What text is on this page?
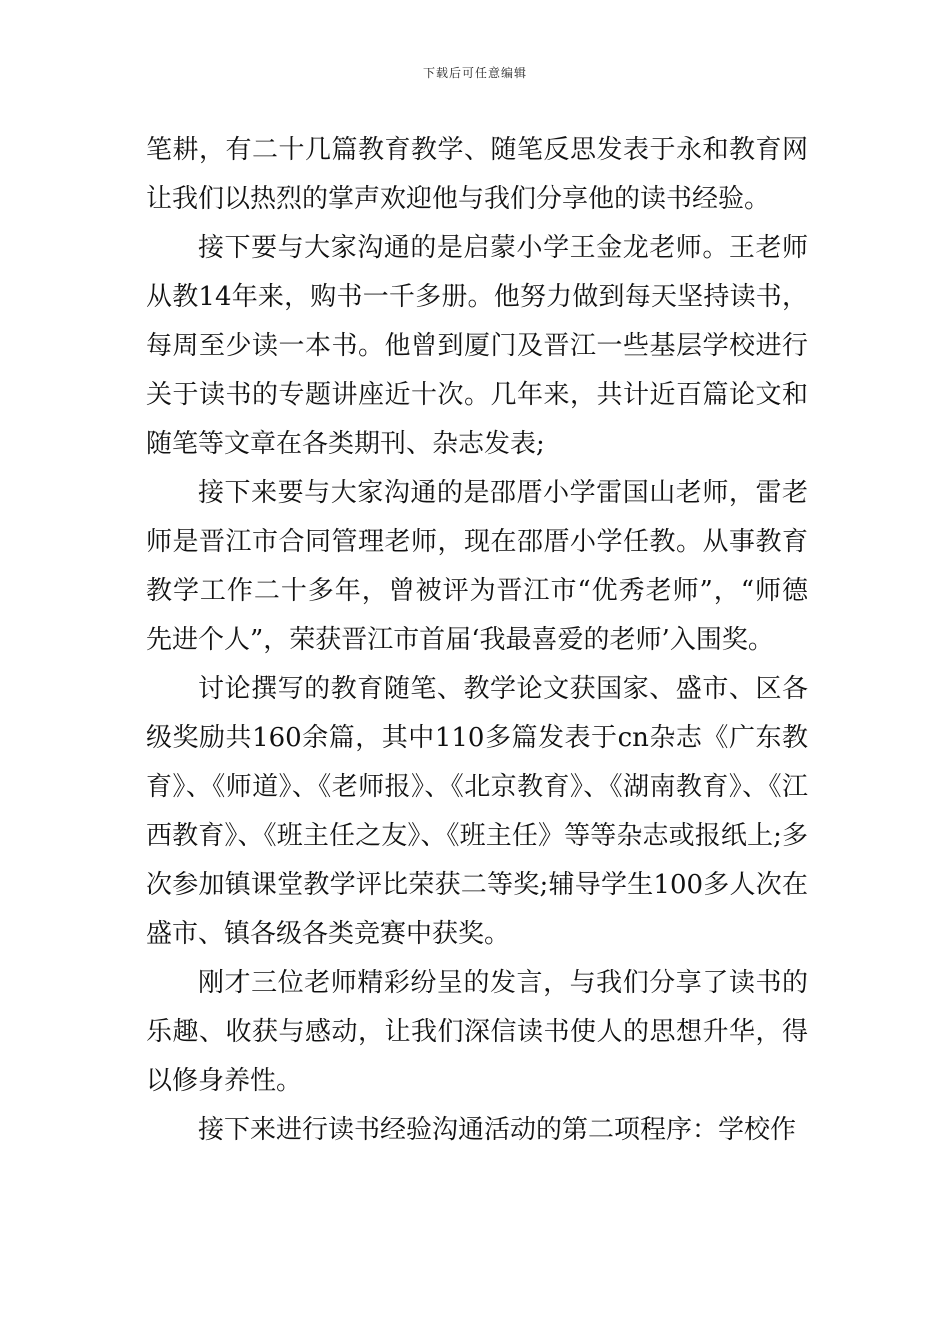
下载后可任意编辑

笔耕，有二十几篇教育教学、随笔反思发表于永和教育网让我们以热烈的掌声欢迎他与我们分享他的读书经验。

接下要与大家沟通的是启蒙小学王金龙老师。王老师从教14年来，购书一千多册。他努力做到每天坚持读书，每周至少读一本书。他曾到厦门及晋江一些基层学校进行关于读书的专题讲座近十次。几年来，共计近百篇论文和随笔等文章在各类期刊、杂志发表;

接下来要与大家沟通的是邵厝小学雷国山老师，雷老师是晋江市合同管理老师，现在邵厝小学任教。从事教育教学工作二十多年，曾被评为晋江市“优秀老师”，“师德先进个人”，荣获晋江市首届‘我最喜爱的老师’入围奖。

讨论撰写的教育随笔、教学论文获国家、盛市、区各级奖励共160余篇，其中110多篇发表于cn杂志《广东教育》、《师道》、《老师报》、《北京教育》、《湖南教育》、《江西教育》、《班主任之友》、《班主任》等等杂志或报纸上;多次参加镇课堂教学评比荣获二等奖;辅导学生100多人次在盛市、镇各级各类竞赛中获奖。

刚才三位老师精彩纷呈的发言，与我们分享了读书的乐趣、收获与感动，让我们深信读书使人的思想升华，得以修身养性。

接下来进行读书经验沟通活动的第二项程序：学校作
